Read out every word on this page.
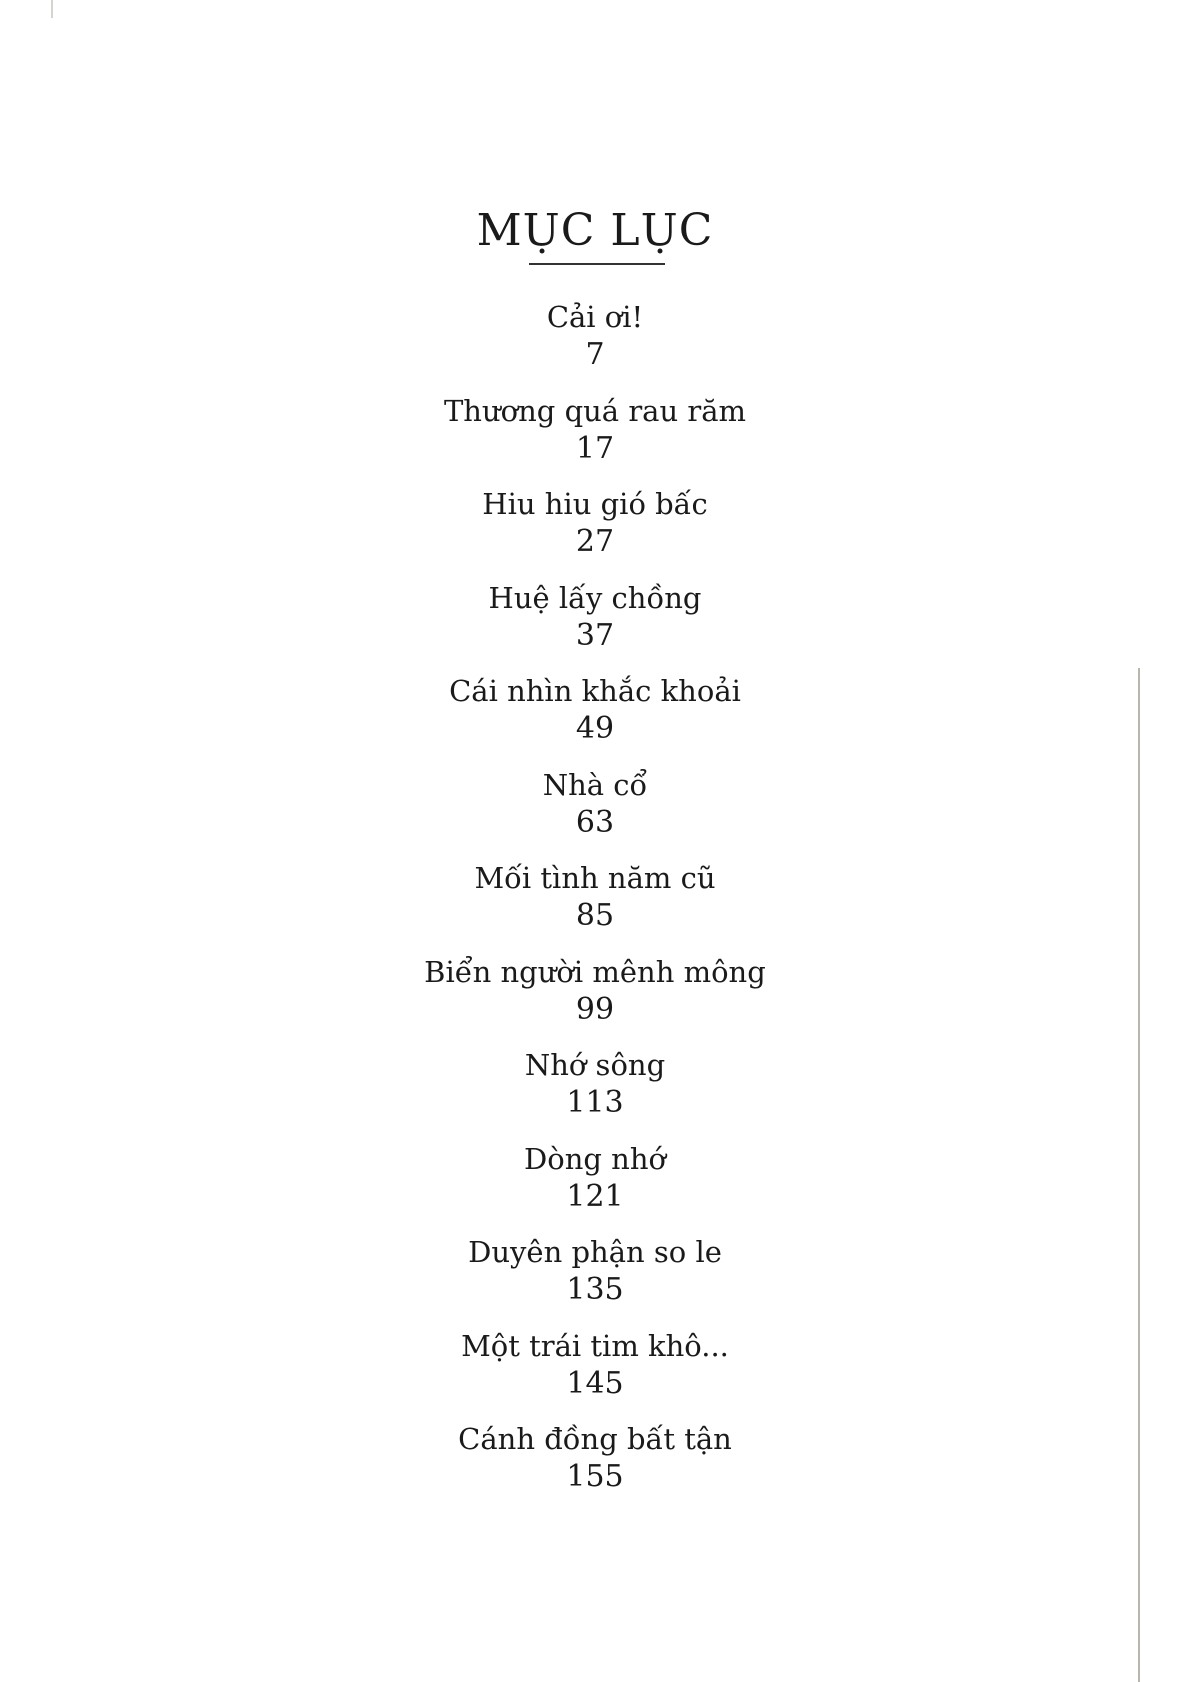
MỤC LỤC
Cải ơi!
7
Thương quá rau răm
17
Hiu hiu gió bấc
27
Huệ lấy chồng
37
Cái nhìn khắc khoải
49
Nhà cổ
63
Mối tình năm cũ
85
Biển người mênh mông
99
Nhớ sông
113
Dòng nhớ
121
Duyên phận so le
135
Một trái tim khô...
145
Cánh đồng bất tận
155
